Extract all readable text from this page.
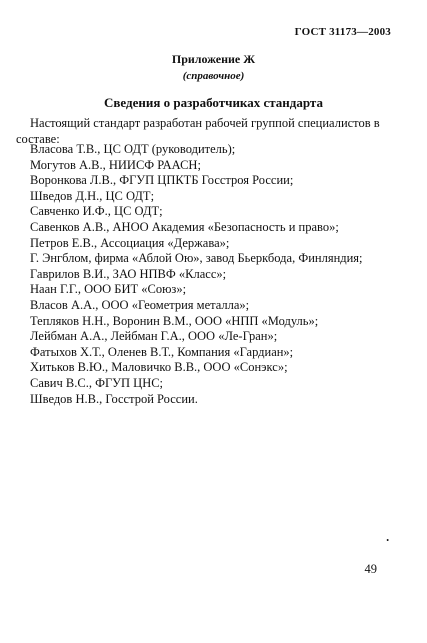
ГОСТ 31173—2003
Приложение Ж
(справочное)
Сведения о разработчиках стандарта

Настоящий стандарт разработан рабочей группой специалистов в составе:

Власова Т.В., ЦС ОДТ (руководитель);
Могутов А.В., НИИСФ РААСН;
Воронкова Л.В., ФГУП ЦПКТБ Госстроя России;
Шведов Д.Н., ЦС ОДТ;
Савченко И.Ф., ЦС ОДТ;
Савенков А.В., АНОО Академия «Безопасность и право»;
Петров Е.В., Ассоциация «Держава»;
Г. Энгблом, фирма «Аблой Ою», завод Бьеркбода, Финляндия;
Гаврилов В.И., ЗАО НПВФ «Класс»;
Наан Г.Г., ООО БИТ «Союз»;
Власов А.А., ООО «Геометрия металла»;
Тепляков Н.Н., Воронин В.М., ООО «НПП «Модуль»;
Лейбман А.А., Лейбман Г.А., ООО «Ле-Гран»;
Фатыхов Х.Т., Оленев В.Т., Компания «Гардиан»;
Хитьков В.Ю., Маловичко В.В., ООО «Сонэкс»;
Савич В.С., ФГУП ЦНС;
Шведов Н.В., Госстрой России.
•
49
